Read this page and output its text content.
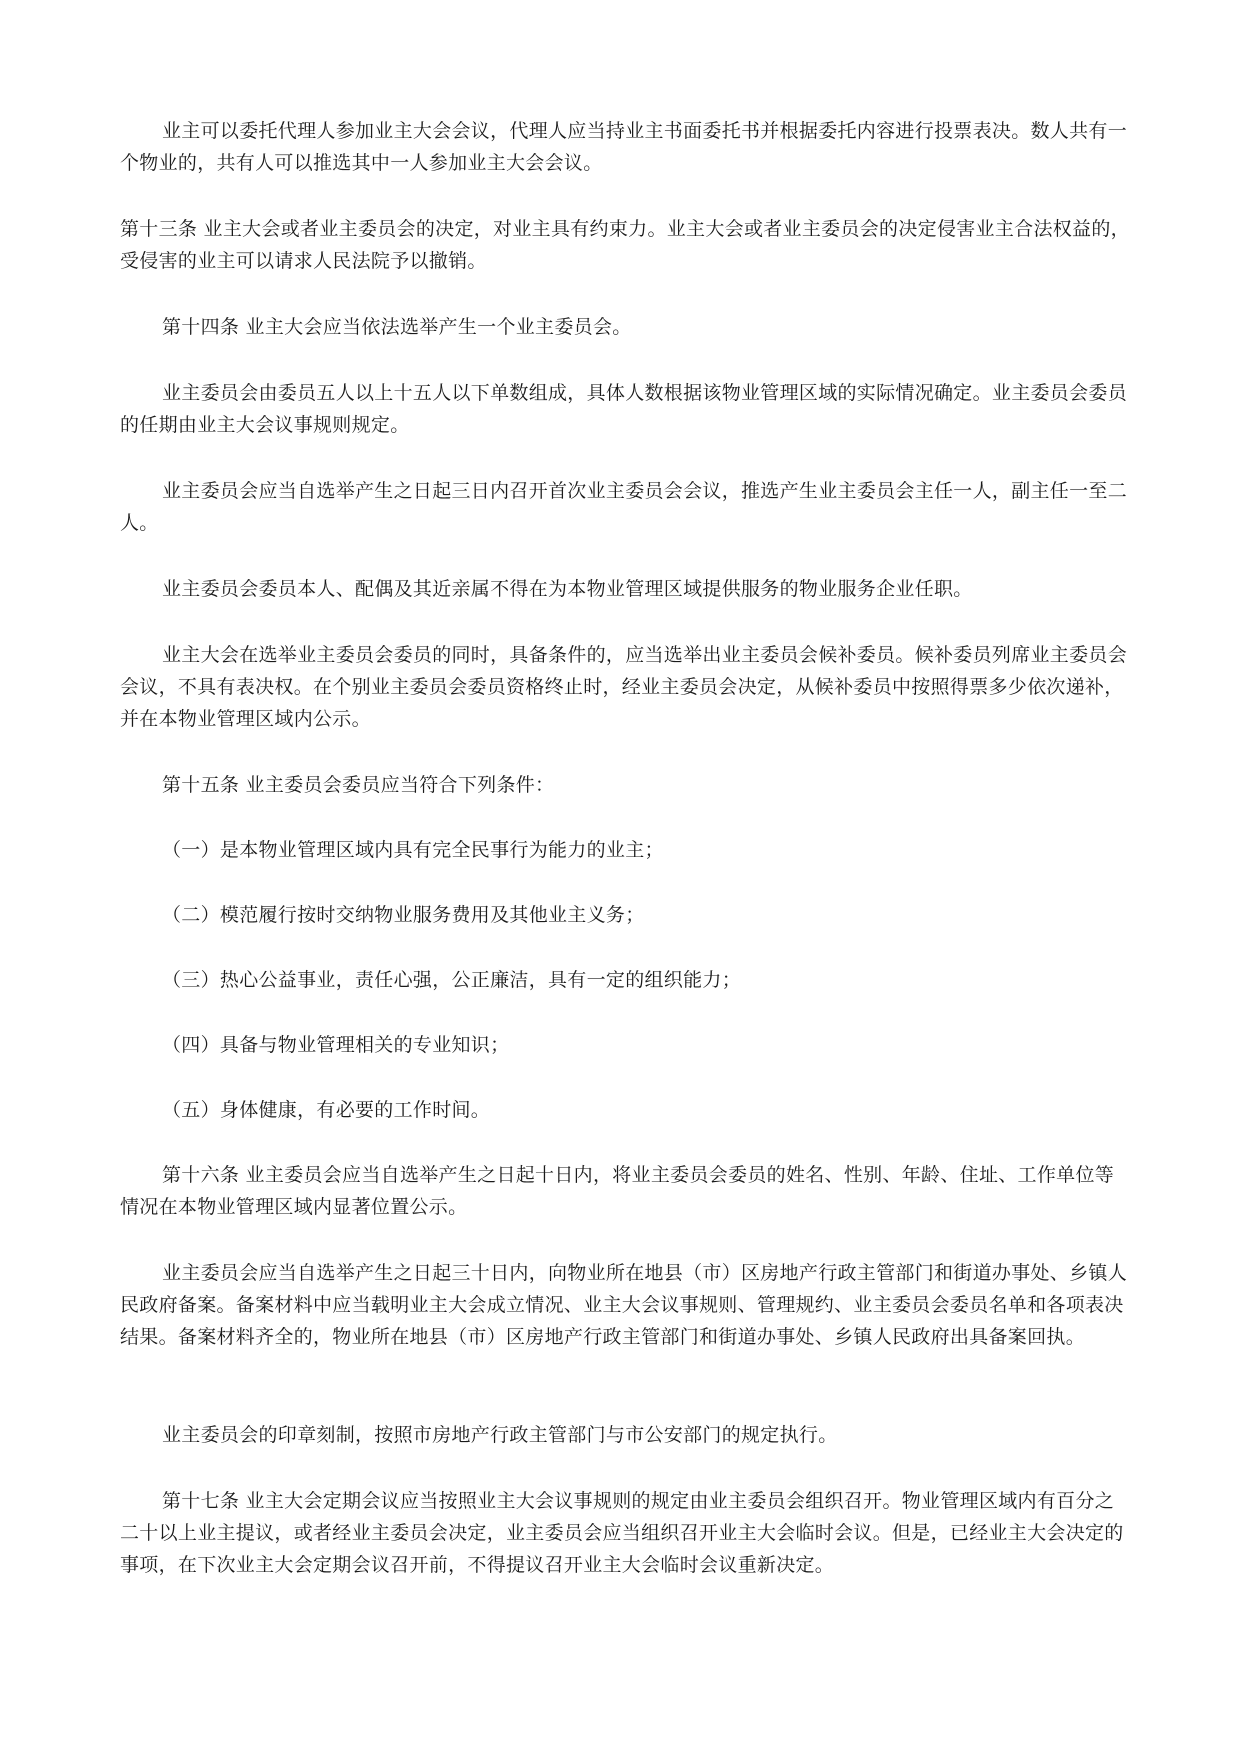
业主可以委托代理人参加业主大会会议，代理人应当持业主书面委托书并根据委托内容进行投票表决。数人共有一个物业的，共有人可以推选其中一人参加业主大会会议。

第十三条 业主大会或者业主委员会的决定，对业主具有约束力。业主大会或者业主委员会的决定侵害业主合法权益的，受侵害的业主可以请求人民法院予以撤销。

第十四条 业主大会应当依法选举产生一个业主委员会。

业主委员会由委员五人以上十五人以下单数组成，具体人数根据该物业管理区域的实际情况确定。业主委员会委员的任期由业主大会议事规则规定。

业主委员会应当自选举产生之日起三日内召开首次业主委员会会议，推选产生业主委员会主任一人，副主任一至二人。

业主委员会委员本人、配偶及其近亲属不得在为本物业管理区域提供服务的物业服务企业任职。

业主大会在选举业主委员会委员的同时，具备条件的，应当选举出业主委员会候补委员。候补委员列席业主委员会会议，不具有表决权。在个别业主委员会委员资格终止时，经业主委员会决定，从候补委员中按照得票多少依次递补，并在本物业管理区域内公示。

第十五条 业主委员会委员应当符合下列条件：

（一）是本物业管理区域内具有完全民事行为能力的业主；

（二）模范履行按时交纳物业服务费用及其他业主义务；

（三）热心公益事业，责任心强，公正廉洁，具有一定的组织能力；

（四）具备与物业管理相关的专业知识；

（五）身体健康，有必要的工作时间。

第十六条 业主委员会应当自选举产生之日起十日内，将业主委员会委员的姓名、性别、年龄、住址、工作单位等情况在本物业管理区域内显著位置公示。

业主委员会应当自选举产生之日起三十日内，向物业所在地县（市）区房地产行政主管部门和街道办事处、乡镇人民政府备案。备案材料中应当载明业主大会成立情况、业主大会议事规则、管理规约、业主委员会委员名单和各项表决结果。备案材料齐全的，物业所在地县（市）区房地产行政主管部门和街道办事处、乡镇人民政府出具备案回执。

业主委员会的印章刻制，按照市房地产行政主管部门与市公安部门的规定执行。

第十七条 业主大会定期会议应当按照业主大会议事规则的规定由业主委员会组织召开。物业管理区域内有百分之二十以上业主提议，或者经业主委员会决定，业主委员会应当组织召开业主大会临时会议。但是，已经业主大会决定的事项，在下次业主大会定期会议召开前，不得提议召开业主大会临时会议重新决定。
